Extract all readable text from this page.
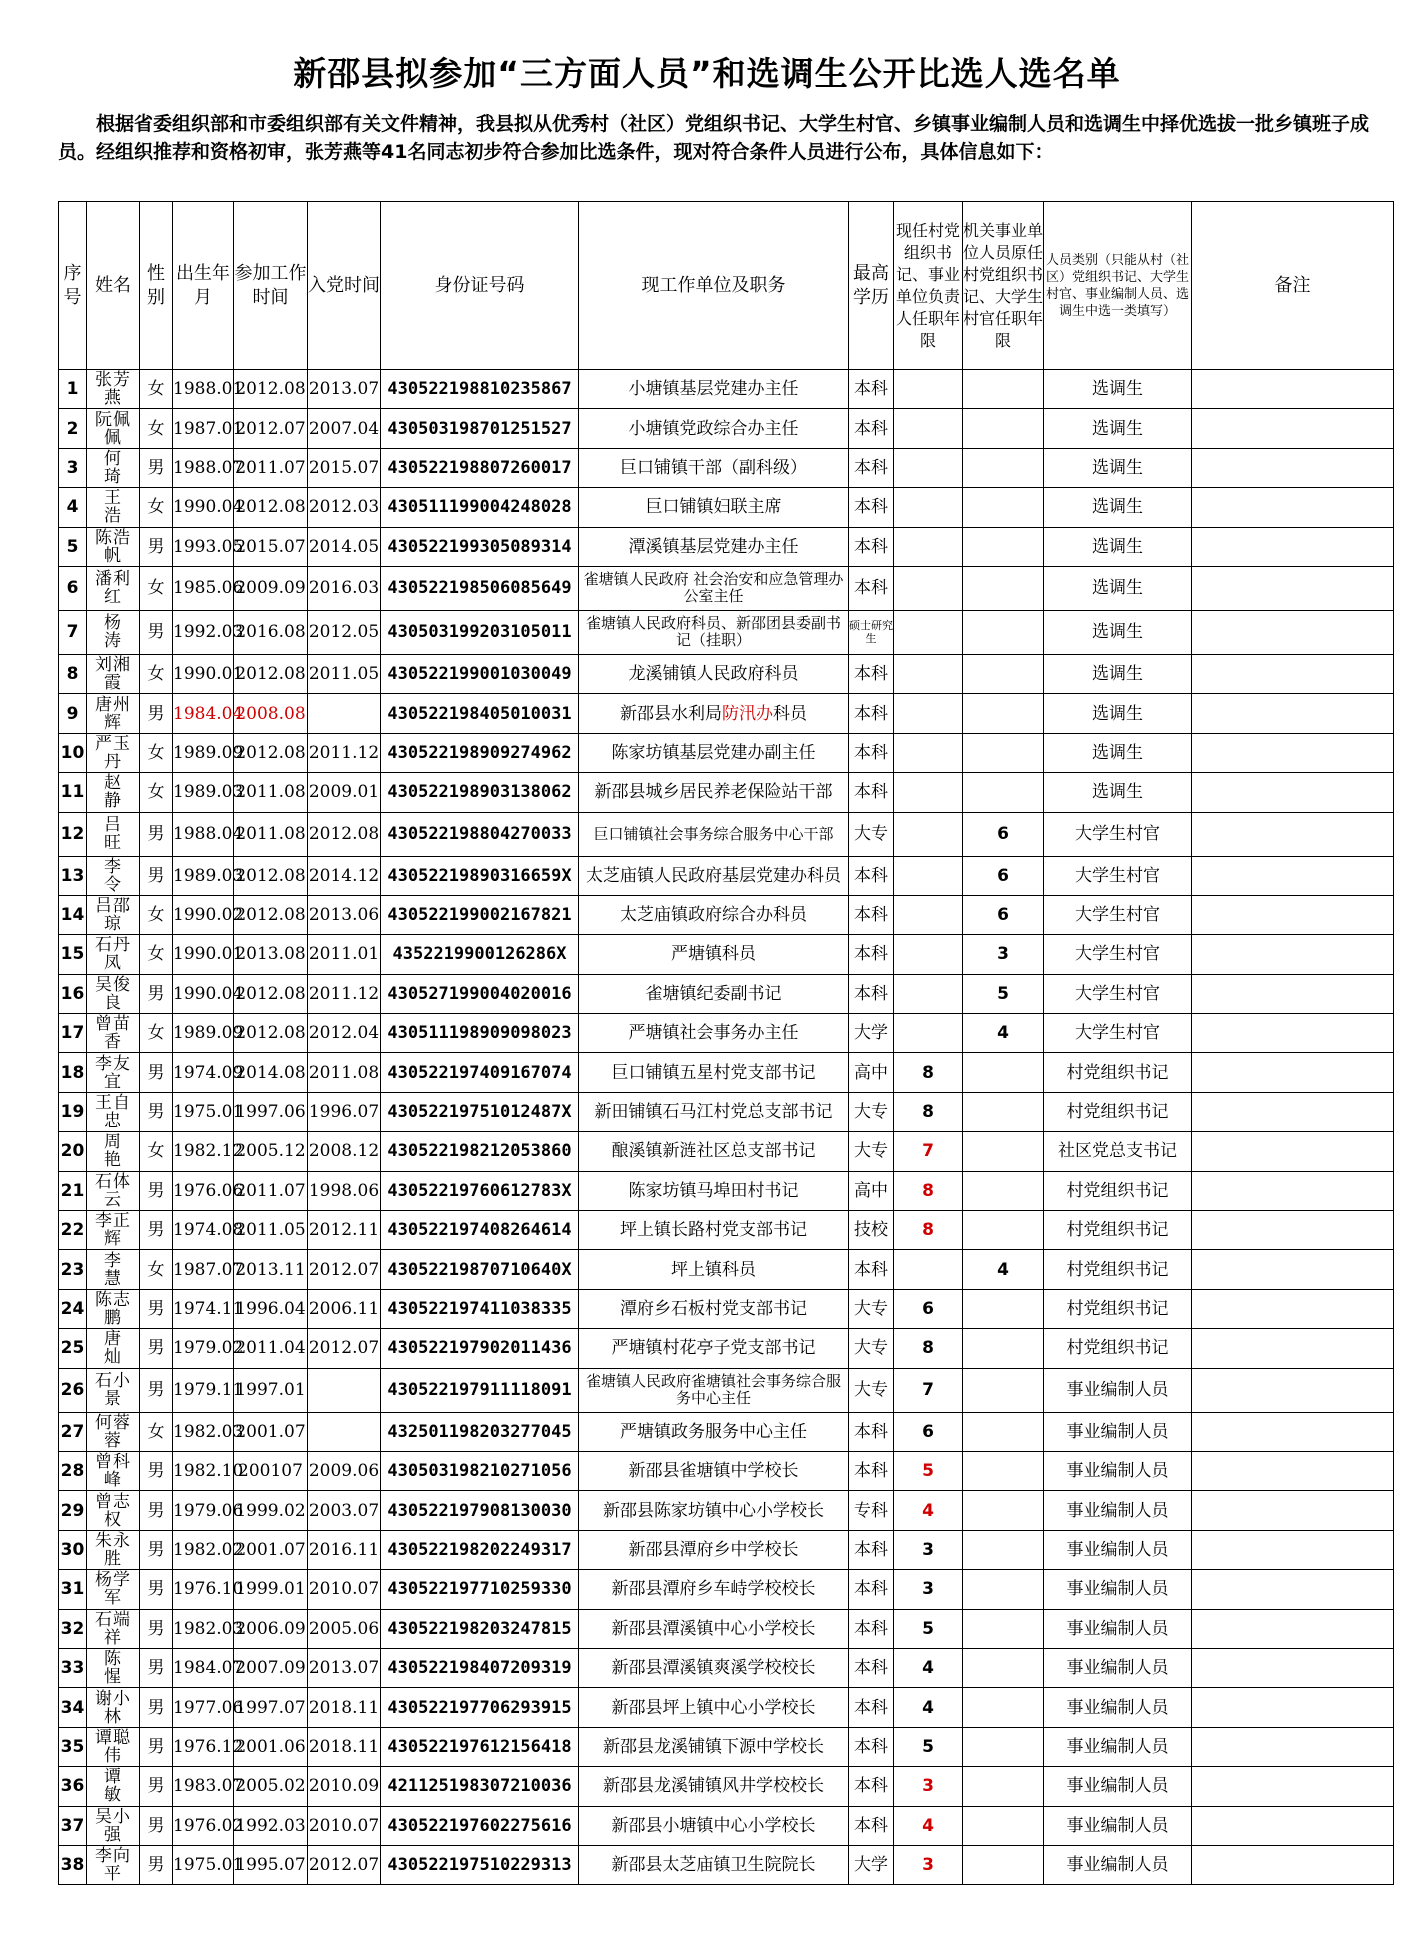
新邵县拟参加“三方面人员”和选调生公开比选人选名单
根据省委组织部和市委组织部有关文件精神，我县拟从优秀村（社区）党组织书记、大学生村官、乡镇事业编制人员和选调生中择优选拔一批乡镇班子成员。经组织推荐和资格初审，张芳燕等41名同志初步符合参加比选条件，现对符合条件人员进行公布，具体信息如下：
序号	姓名	性别	出生年月	参加工作时间	入党时间	身份证号码	现工作单位及职务	最高学历	现任村党组织书记、事业单位负责人任职年限	机关事业单位人员原任村党组织书记、大学生村官任职年限	人员类别（只能从村（社区）党组织书记、大学生村官、事业编制人员、选调生中选一类填写）	备注
1	张芳燕	女	1988.01	2012.08	2013.07	430522198810235867	小塘镇基层党建办主任	本科			选调生	
2	阮佩佩	女	1987.01	2012.07	2007.04	430503198701251527	小塘镇党政综合办主任	本科			选调生	
3	何　琦	男	1988.07	2011.07	2015.07	430522198807260017	巨口铺镇干部（副科级）	本科			选调生	
4	王　浩	女	1990.04	2012.08	2012.03	430511199004248028	巨口铺镇妇联主席	本科			选调生	
5	陈浩帆	男	1993.05	2015.07	2014.05	430522199305089314	潭溪镇基层党建办主任	本科			选调生	
6	潘利红	女	1985.06	2009.09	2016.03	430522198506085649	雀塘镇人民政府 社会治安和应急管理办公室主任	本科			选调生	
7	杨　涛	男	1992.03	2016.08	2012.05	430503199203105011	雀塘镇人民政府科员、新邵团县委副书记（挂职）	硕士研究生			选调生	
8	刘湘霞	女	1990.01	2012.08	2011.05	430522199001030049	龙溪铺镇人民政府科员	本科			选调生	
9	唐州辉	男	1984.04	2008.08		430522198405010031	新邵县水利局防汛办科员	本科			选调生	
10	严玉丹	女	1989.09	2012.08	2011.12	430522198909274962	陈家坊镇基层党建办副主任	本科			选调生	
11	赵　静	女	1989.03	2011.08	2009.01	430522198903138062	新邵县城乡居民养老保险站干部	本科			选调生	
12	吕　旺	男	1988.04	2011.08	2012.08	430522198804270033	巨口铺镇社会事务综合服务中心干部	大专		6	大学生村官	
13	李　令	男	1989.03	2012.08	2014.12	43052219890316659X	太芝庙镇人民政府基层党建办科员	本科		6	大学生村官	
14	吕邵琼	女	1990.02	2012.08	2013.06	430522199002167821	太芝庙镇政府综合办科员	本科		6	大学生村官	
15	石丹凤	女	1990.01	2013.08	2011.01	4352219900126286X	严塘镇科员	本科		3	大学生村官	
16	吴俊良	男	1990.04	2012.08	2011.12	430527199004020016	雀塘镇纪委副书记	本科		5	大学生村官	
17	曾苗香	女	1989.09	2012.08	2012.04	430511198909098023	严塘镇社会事务办主任	大学		4	大学生村官	
18	李友宜	男	1974.09	2014.08	2011.08	430522197409167074	巨口铺镇五星村党支部书记	高中	8		村党组织书记	
19	王自忠	男	1975.01	1997.06	1996.07	43052219751012487X	新田铺镇石马江村党总支部书记	大专	8		村党组织书记	
20	周　艳	女	1982.12	2005.12	2008.12	430522198212053860	酿溪镇新涟社区总支部书记	大专	7		社区党总支书记	
21	石体云	男	1976.06	2011.07	1998.06	43052219760612783X	陈家坊镇马埠田村书记	高中	8		村党组织书记	
22	李正辉	男	1974.08	2011.05	2012.11	430522197408264614	坪上镇长路村党支部书记	技校	8		村党组织书记	
23	李　慧	女	1987.07	2013.11	2012.07	43052219870710640X	坪上镇科员	本科		4	村党组织书记	
24	陈志鹏	男	1974.11	1996.04	2006.11	430522197411038335	潭府乡石板村党支部书记	大专	6		村党组织书记	
25	唐　灿	男	1979.02	2011.04	2012.07	430522197902011436	严塘镇村花亭子党支部书记	大专	8		村党组织书记	
26	石小景	男	1979.11	1997.01		430522197911118091	雀塘镇人民政府雀塘镇社会事务综合服务中心主任	大专	7		事业编制人员	
27	何蓉蓉	女	1982.03	2001.07		432501198203277045	严塘镇政务服务中心主任	本科	6		事业编制人员	
28	曾科峰	男	1982.10	200107	2009.06	430503198210271056	新邵县雀塘镇中学校长	本科	5		事业编制人员	
29	曾志权	男	1979.06	1999.02	2003.07	430522197908130030	新邵县陈家坊镇中心小学校长	专科	4		事业编制人员	
30	朱永胜	男	1982.02	2001.07	2016.11	430522198202249317	新邵县潭府乡中学校长	本科	3		事业编制人员	
31	杨学军	男	1976.10	1999.01	2010.07	430522197710259330	新邵县潭府乡车峙学校校长	本科	3		事业编制人员	
32	石端祥	男	1982.03	2006.09	2005.06	430522198203247815	新邵县潭溪镇中心小学校长	本科	5		事业编制人员	
33	陈　惺	男	1984.07	2007.09	2013.07	430522198407209319	新邵县潭溪镇爽溪学校校长	本科	4		事业编制人员	
34	谢小林	男	1977.06	1997.07	2018.11	430522197706293915	新邵县坪上镇中心小学校长	本科	4		事业编制人员	
35	谭聪伟	男	1976.12	2001.06	2018.11	430522197612156418	新邵县龙溪铺镇下源中学校长	本科	5		事业编制人员	
36	谭　敏	男	1983.07	2005.02	2010.09	421125198307210036	新邵县龙溪铺镇风井学校校长	本科	3		事业编制人员	
37	吴小强	男	1976.02	1992.03	2010.07	430522197602275616	新邵县小塘镇中心小学校长	本科	4		事业编制人员	
38	李向平	男	1975.01	1995.07	2012.07	430522197510229313	新邵县太芝庙镇卫生院院长	大学	3		事业编制人员	
